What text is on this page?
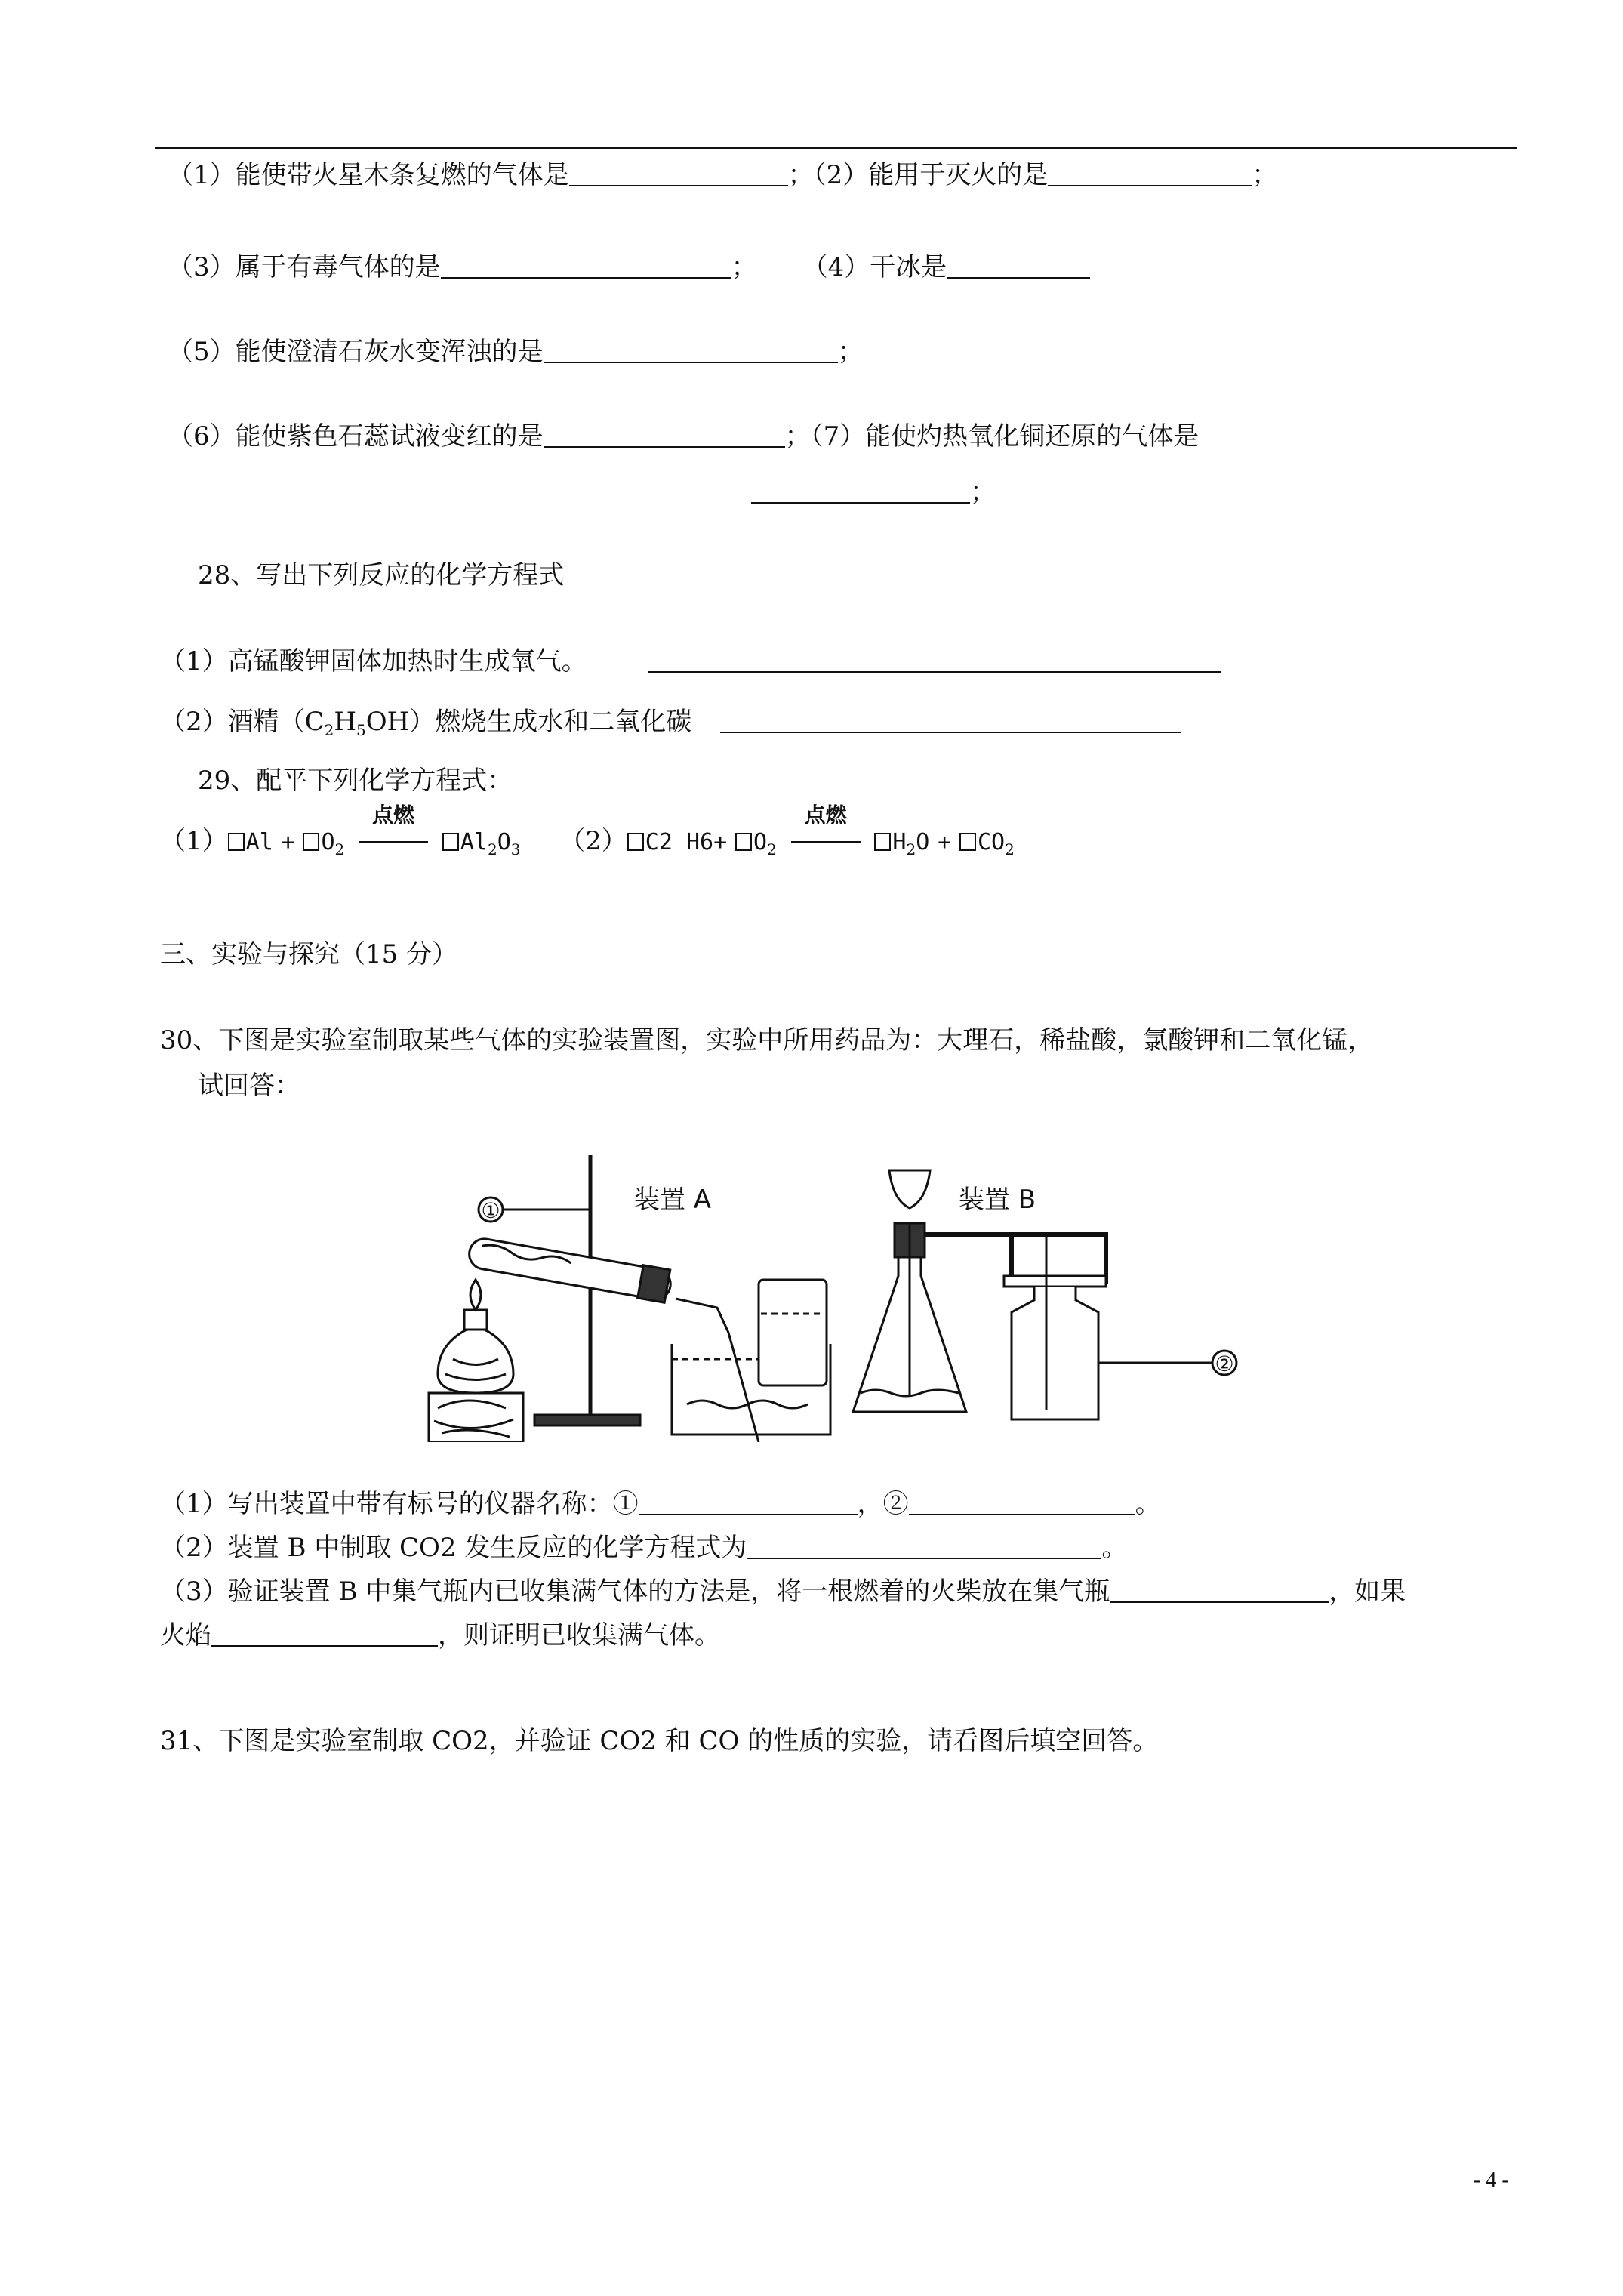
（1）能使带火星木条复燃的气体是	；（2）能用于灭火的是	；
（3）属于有毒气体的是	； （4）干冰是
（5）能使澄清石灰水变浑浊的是	；
（6）能使紫色石蕊试液变红的是	；（7）能使灼热氧化铜还原的气体是
；
28、写出下列反应的化学方程式
（1）高锰酸钾固体加热时生成氧气。
（2）酒精$(C_2H_5OH)$燃烧生成水和二氧化碳
29、配平下列化学方程式：
（1） $Al + O_2$
点燃
$Al_2O_3$ （2） C2 $H6+ O_2$
点燃
$H_2O + CO_2$
三、实验与探究（15 分）
30、下图是实验室制取某些气体的实验装置图，实验中所用药品为：大理石，稀盐酸，氯酸钾和二氧化锰，
试回答：
①
②
装置 A	装置 B
（1）写出装置中带有标号的仪器名称：①	，②	。
（2）装置 B 中制取 CO2 发生反应的化学方程式为	。
（3）验证装置 B 中集气瓶内已收集满气体的方法是，将一根燃着的火柴放在集气瓶	，如果
火焰	，则证明已收集满气体。
31、下图是实验室制取 CO2，并验证 CO2 和 CO 的性质的实验，请看图后填空回答。
- 4 -
